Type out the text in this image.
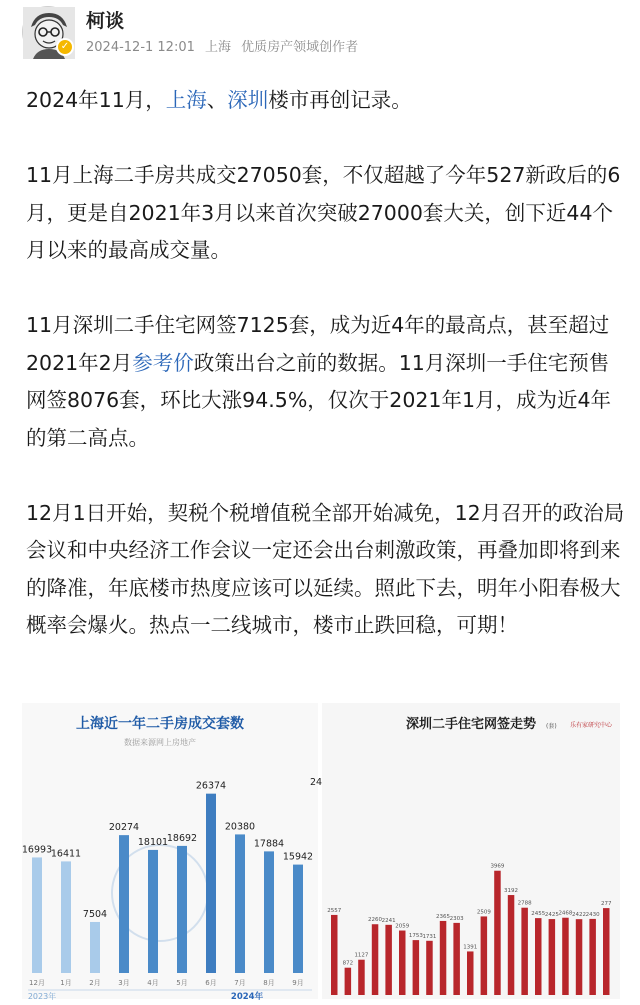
✓
柯谈
2024-12-1 12:01 上海 优质房产领域创作者

2024年11月，上海、深圳楼市再创记录。

11月上海二手房共成交27050套，不仅超越了今年527新政后的6月，更是自2021年3月以来首次突破27000套大关，创下近44个月以来的最高成交量。

11月深圳二手住宅网签7125套，成为近4年的最高点，甚至超过2021年2月参考价政策出台之前的数据。11月深圳一手住宅预售网签8076套，环比大涨94.5%，仅次于2021年1月，成为近4年的第二高点。

12月1日开始，契税个税增值税全部开始减免，12月召开的政治局会议和中央经济工作会议一定还会出台刺激政策，再叠加即将到来的降准，年底楼市热度应该可以延续。照此下去，明年小阳春极大概率会爆火。热点一二线城市，楼市止跌回稳，可期！

上海近一年二手房成交套数
数据来源网上房地产
16993
12月
16411
1月
7504
2月
20274
3月
18101
4月
18692
5月
26374
6月
20380
7月
17884
8月
15942
9月
24
2023年	2024年
深圳二手住宅网签走势 (套) 乐有家研究中心
2557
872
1127
2260 2241
2059
1753 1731
2365 2303
1391
2509
3969
3192
2788
2455 2425 2468 2422 2430
277
